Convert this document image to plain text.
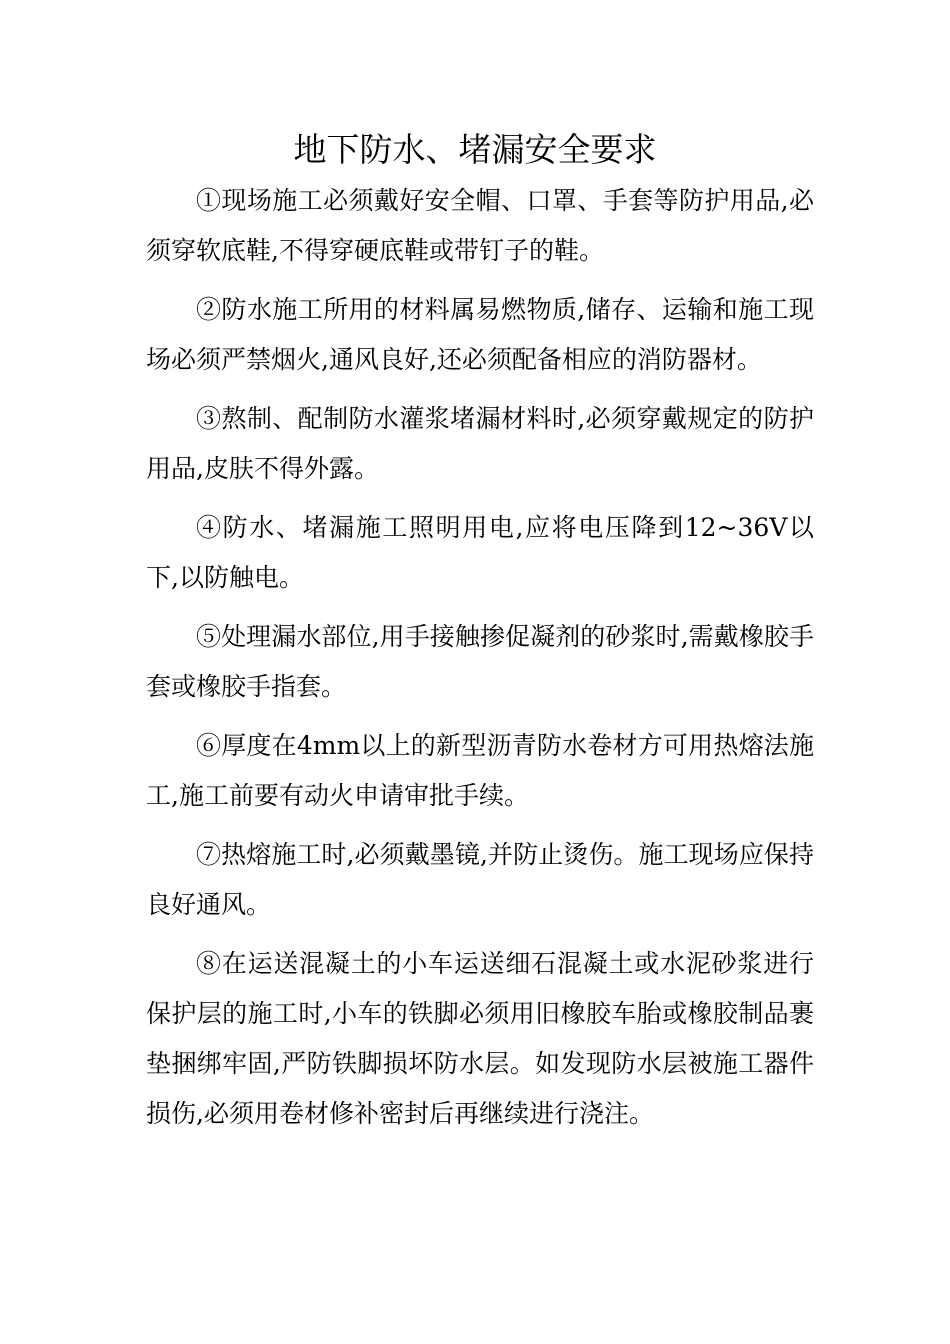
地下防水、堵漏安全要求

①现场施工必须戴好安全帽、口罩、手套等防护用品,必须穿软底鞋,不得穿硬底鞋或带钉子的鞋。

②防水施工所用的材料属易燃物质,储存、运输和施工现场必须严禁烟火,通风良好,还必须配备相应的消防器材。

③熬制、配制防水灌浆堵漏材料时,必须穿戴规定的防护用品,皮肤不得外露。

④防水、堵漏施工照明用电,应将电压降到12~36V以下,以防触电。

⑤处理漏水部位,用手接触掺促凝剂的砂浆时,需戴橡胶手套或橡胶手指套。

⑥厚度在4mm以上的新型沥青防水卷材方可用热熔法施工,施工前要有动火申请审批手续。

⑦热熔施工时,必须戴墨镜,并防止烫伤。施工现场应保持良好通风。

⑧在运送混凝土的小车运送细石混凝土或水泥砂浆进行保护层的施工时,小车的铁脚必须用旧橡胶车胎或橡胶制品裹垫捆绑牢固,严防铁脚损坏防水层。如发现防水层被施工器件损伤,必须用卷材修补密封后再继续进行浇注。
